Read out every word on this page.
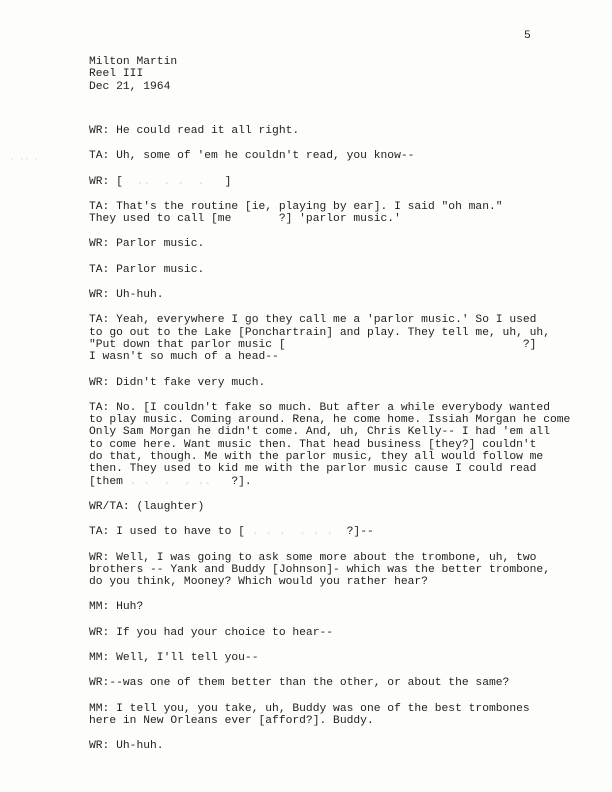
· ·· ·
5
Milton Martin
Reel III
Dec 21, 1964
WR: He could read it all right.
TA: Uh, some of 'em he couldn't read, you know--
WR: [  ..  . .  .   ]
TA: That's the routine [ie, playing by ear]. I said "oh man."
They used to call [me       ?] 'parlor music.'
WR: Parlor music.
TA: Parlor music.
WR: Uh-huh.
TA: Yeah, everywhere I go they call me a 'parlor music.' So I used
to go out to the Lake [Ponchartrain] and play. They tell me, uh, uh,
"Put down that parlor music [                                   ?]
I wasn't so much of a head--
WR: Didn't fake very much.
TA: No. [I couldn't fake so much. But after a while everybody wanted
to play music. Coming around. Rena, he come home. Issiah Morgan he come
Only Sam Morgan he didn't come. And, uh, Chris Kelly-- I had 'em all
to come here. Want music then. That head business [they?] couldn't
do that, though. Me with the parlor music, they all would follow me
then. They used to kid me with the parlor music cause I could read
[them . .  .  . ..   ?].
WR/TA: (laughter)
TA: I used to have to [ . . .  . . .  ?]--
WR: Well, I was going to ask some more about the trombone, uh, two
brothers -- Yank and Buddy [Johnson]- which was the better trombone,
do you think, Mooney? Which would you rather hear?
MM: Huh?
WR: If you had your choice to hear--
MM: Well, I'll tell you--
WR:--was one of them better than the other, or about the same?
MM: I tell you, you take, uh, Buddy was one of the best trombones
here in New Orleans ever [afford?]. Buddy.
WR: Uh-huh.
